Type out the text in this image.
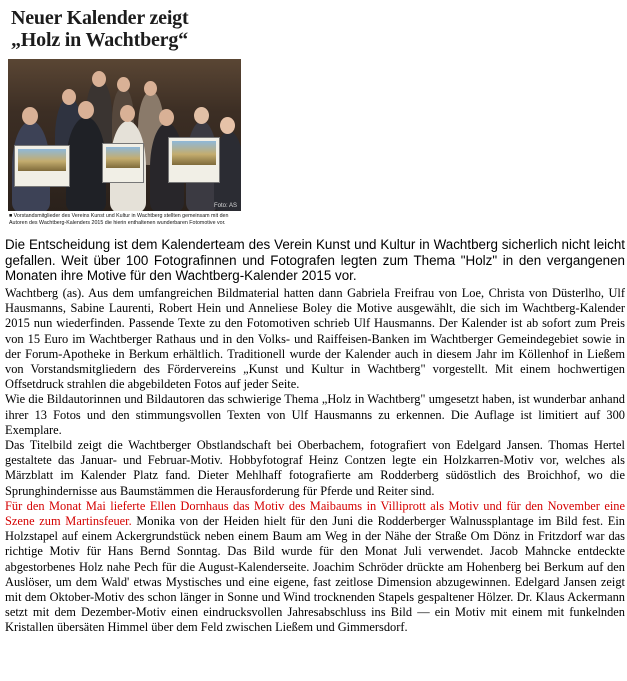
Neuer Kalender zeigt
„Holz in Wachtberg“
Foto: AS
■ Vorstandsmitglieder des Vereins Kunst und Kultur in Wachtberg stellten gemeinsam mit den Autoren des Wachtberg-Kalenders 2015 die hierin enthaltenen wunderbaren Fotomotive vor.
Die Entscheidung ist dem Kalenderteam des Verein Kunst und Kultur in Wachtberg sicherlich nicht leicht gefallen. Weit über 100 Fotografinnen und Fotografen legten zum Thema "Holz" in den vergangenen Monaten ihre Motive für den Wachtberg-Kalender 2015 vor.

Wachtberg (as). Aus dem umfangreichen Bildmaterial hatten dann Gabriela Freifrau von Loe, Christa von Düsterlho, Ulf Hausmanns, Sabine Laurenti, Robert Hein und Anneliese Boley die Motive ausgewählt, die sich im Wachtberg-Kalender 2015 nun wiederfinden. Passende Texte zu den Fotomotiven schrieb Ulf Hausmanns. Der Kalender ist ab sofort zum Preis von 15 Euro im Wachtberger Rathaus und in den Volks- und Raiffeisen-Banken im Wachtberger Gemeindegebiet sowie in der Forum-Apotheke in Berkum erhältlich. Traditionell wurde der Kalender auch in diesem Jahr im Köllenhof in Ließem von Vorstandsmitgliedern des Fördervereins „Kunst und Kultur in Wachtberg" vorgestellt. Mit einem hochwertigen Offsetdruck strahlen die abgebildeten Fotos auf jeder Seite.

Wie die Bildautorinnen und Bildautoren das schwierige Thema „Holz in Wachtberg" umgesetzt haben, ist wunderbar anhand ihrer 13 Fotos und den stimmungsvollen Texten von Ulf Hausmanns zu erkennen. Die Auflage ist limitiert auf 300 Exemplare.

Das Titelbild zeigt die Wachtberger Obstlandschaft bei Oberbachem, fotografiert von Edelgard Jansen. Thomas Hertel gestaltete das Januar- und Februar-Motiv. Hobbyfotograf Heinz Contzen legte ein Holzkarren-Motiv vor, welches als Märzblatt im Kalender Platz fand. Dieter Mehlhaff fotografierte am Rodderberg südöstlich des Broichhof, wo die Sprunghindernisse aus Baumstämmen die Herausforderung für Pferde und Reiter sind.

Für den Monat Mai lieferte Ellen Dornhaus das Motiv des Maibaums in Villiprott als Motiv und für den November eine Szene zum Martinsfeuer. Monika von der Heiden hielt für den Juni die Rodderberger Walnussplantage im Bild fest. Ein Holzstapel auf einem Ackergrundstück neben einem Baum am Weg in der Nähe der Straße Om Dönz in Fritzdorf war das richtige Motiv für Hans Bernd Sonntag. Das Bild wurde für den Monat Juli verwendet. Jacob Mahncke entdeckte abgestorbenes Holz nahe Pech für die August-Kalenderseite. Joachim Schröder drückte am Hohenberg bei Berkum auf den Auslöser, um dem Wald' etwas Mystisches und eine eigene, fast zeitlose Dimension abzugewinnen. Edelgard Jansen zeigt mit dem Oktober-Motiv des schon länger in Sonne und Wind trocknenden Stapels gespaltener Hölzer. Dr. Klaus Ackermann setzt mit dem Dezember-Motiv einen eindrucksvollen Jahresabschluss ins Bild — ein Motiv mit einem mit funkelnden Kristallen übersäten Himmel über dem Feld zwischen Ließem und Gimmersdorf.
